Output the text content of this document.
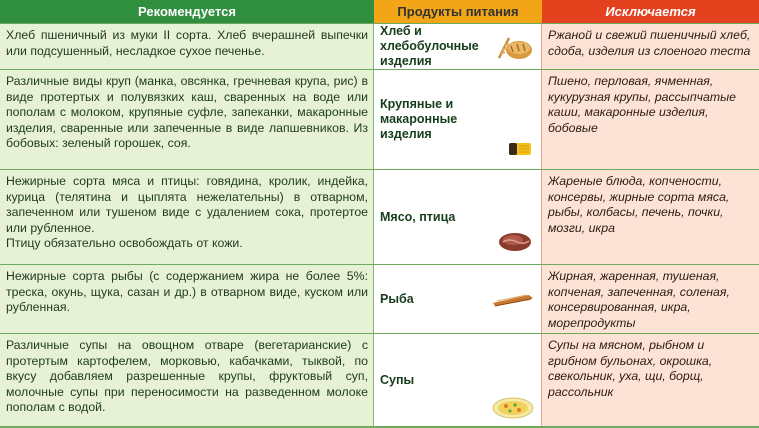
Рекомендуется	Продукты питания	Исключается
Хлеб пшеничный из муки II сорта. Хлеб вчерашней выпечки или подсушенный, несладкое сухое печенье.
Хлеб и хлебобулочные изделия
Ржаной и свежий пшеничный хлеб, сдоба, изделия из слоеного теста
Различные виды круп (манка, овсянка, гречневая крупа, рис) в виде протертых и полувязких каш, сваренных на воде или пополам с молоком, крупяные суфле, запеканки, макаронные изделия, сваренные или запеченные в виде лапшевников. Из бобовых: зеленый горошек, соя.
Крупяные и макаронные изделия
Пшено, перловая, ячменная, кукурузная крупы, рассыпчатые каши, макаронные изделия, бобовые
Нежирные сорта мяса и птицы: говядина, кролик, индейка, курица (телятина и цыплята нежелательны) в отварном, запеченном или тушеном виде с удалением сока, протертое или рубленное.
Птицу обязательно освобождать от кожи.
Мясо, птица
Жареные блюда, копчености, консервы, жирные сорта мяса, рыбы, колбасы, печень, почки, мозги, икра
Нежирные сорта рыбы (с содержанием жира не более 5%: треска, окунь, щука, сазан и др.) в отварном виде, куском или рубленная.
Рыба
Жирная, жаренная, тушеная, копченая, запеченная, соленая, консервированная, икра, морепродукты
Различные супы на овощном отваре (вегетарианские) с протертым картофелем, морковью, кабачками, тыквой, по вкусу добавляем разрешенные крупы, фруктовый суп, молочные супы при переносимости на разведенном молоке пополам с водой.
Супы
Супы на мясном, рыбном и грибном бульонах, окрошка, свекольник, уха, щи, борщ, рассольник
